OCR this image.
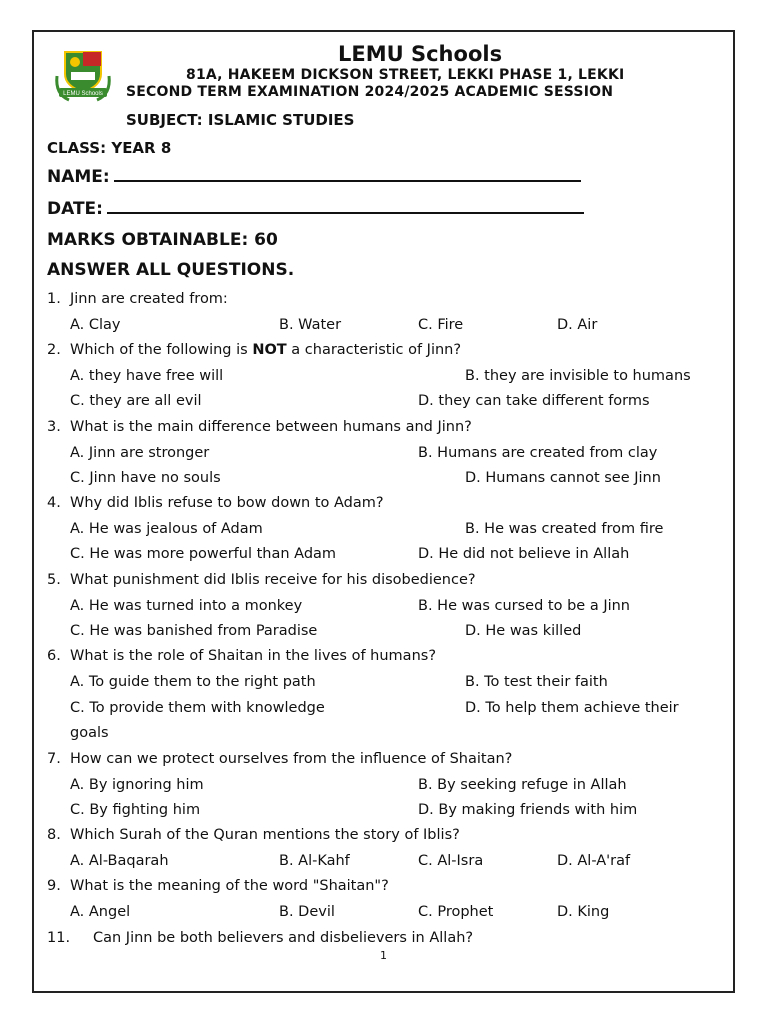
LEMU Schools
LEMU Schools
81A, HAKEEM DICKSON STREET, LEKKI PHASE 1, LEKKI
SECOND TERM EXAMINATION 2024/2025 ACADEMIC SESSION
SUBJECT: ISLAMIC STUDIES
CLASS: YEAR 8
NAME:
DATE:
MARKS OBTAINABLE: 60
ANSWER ALL QUESTIONS.
1. Jinn are created from:
A. Clay	B. Water	C. Fire	D. Air
2. Which of the following is NOT a characteristic of Jinn?
A. they have free will	B. they are invisible to humans
C. they are all evil	D. they can take different forms
3. What is the main difference between humans and Jinn?
A. Jinn are stronger	B. Humans are created from clay
C. Jinn have no souls	D. Humans cannot see Jinn
4. Why did Iblis refuse to bow down to Adam?
A. He was jealous of Adam	B. He was created from fire
C. He was more powerful than Adam	D. He did not believe in Allah
5. What punishment did Iblis receive for his disobedience?
A. He was turned into a monkey	B. He was cursed to be a Jinn
C. He was banished from Paradise	D. He was killed
6. What is the role of Shaitan in the lives of humans?
A. To guide them to the right path	B. To test their faith
C. To provide them with knowledge	D. To help them achieve their
goals
7. How can we protect ourselves from the influence of Shaitan?
A. By ignoring him	B. By seeking refuge in Allah
C. By fighting him	D. By making friends with him
8. Which Surah of the Quran mentions the story of Iblis?
A. Al-Baqarah	B. Al-Kahf	C. Al-Isra	D. Al-A'raf
9. What is the meaning of the word "Shaitan"?
A. Angel	B. Devil	C. Prophet	D. King
11. Can Jinn be both believers and disbelievers in Allah?
1
